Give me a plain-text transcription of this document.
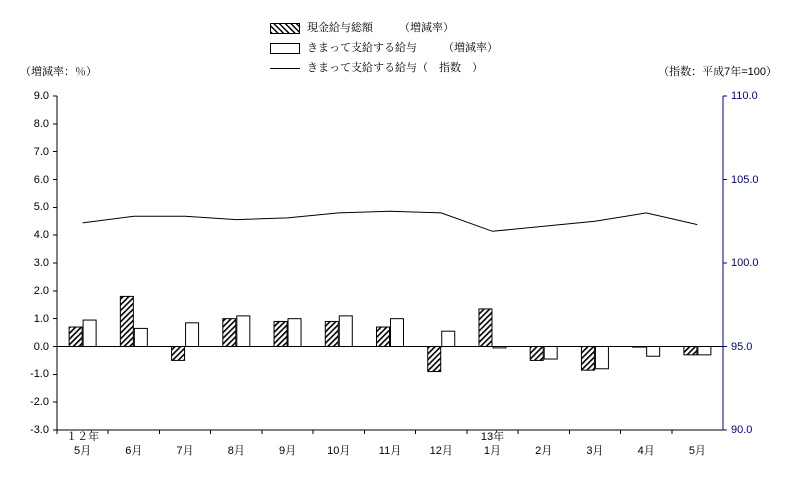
現金給与総額 （増減率）
きまって支給する給与 （増減率）
きまって支給する給与（　指数　）
（増減率：％）	（指数：平成7年=100）
9.0
8.0
7.0
6.0
5.0
4.0
3.0
2.0
1.0
0.0
-1.0
-2.0
-3.0
110.0
105.0
100.0
95.0
90.0
5月	6月	7月	8月	9月	10月	11月	12月	1月	2月	3月	4月	5月
１２年	13年
